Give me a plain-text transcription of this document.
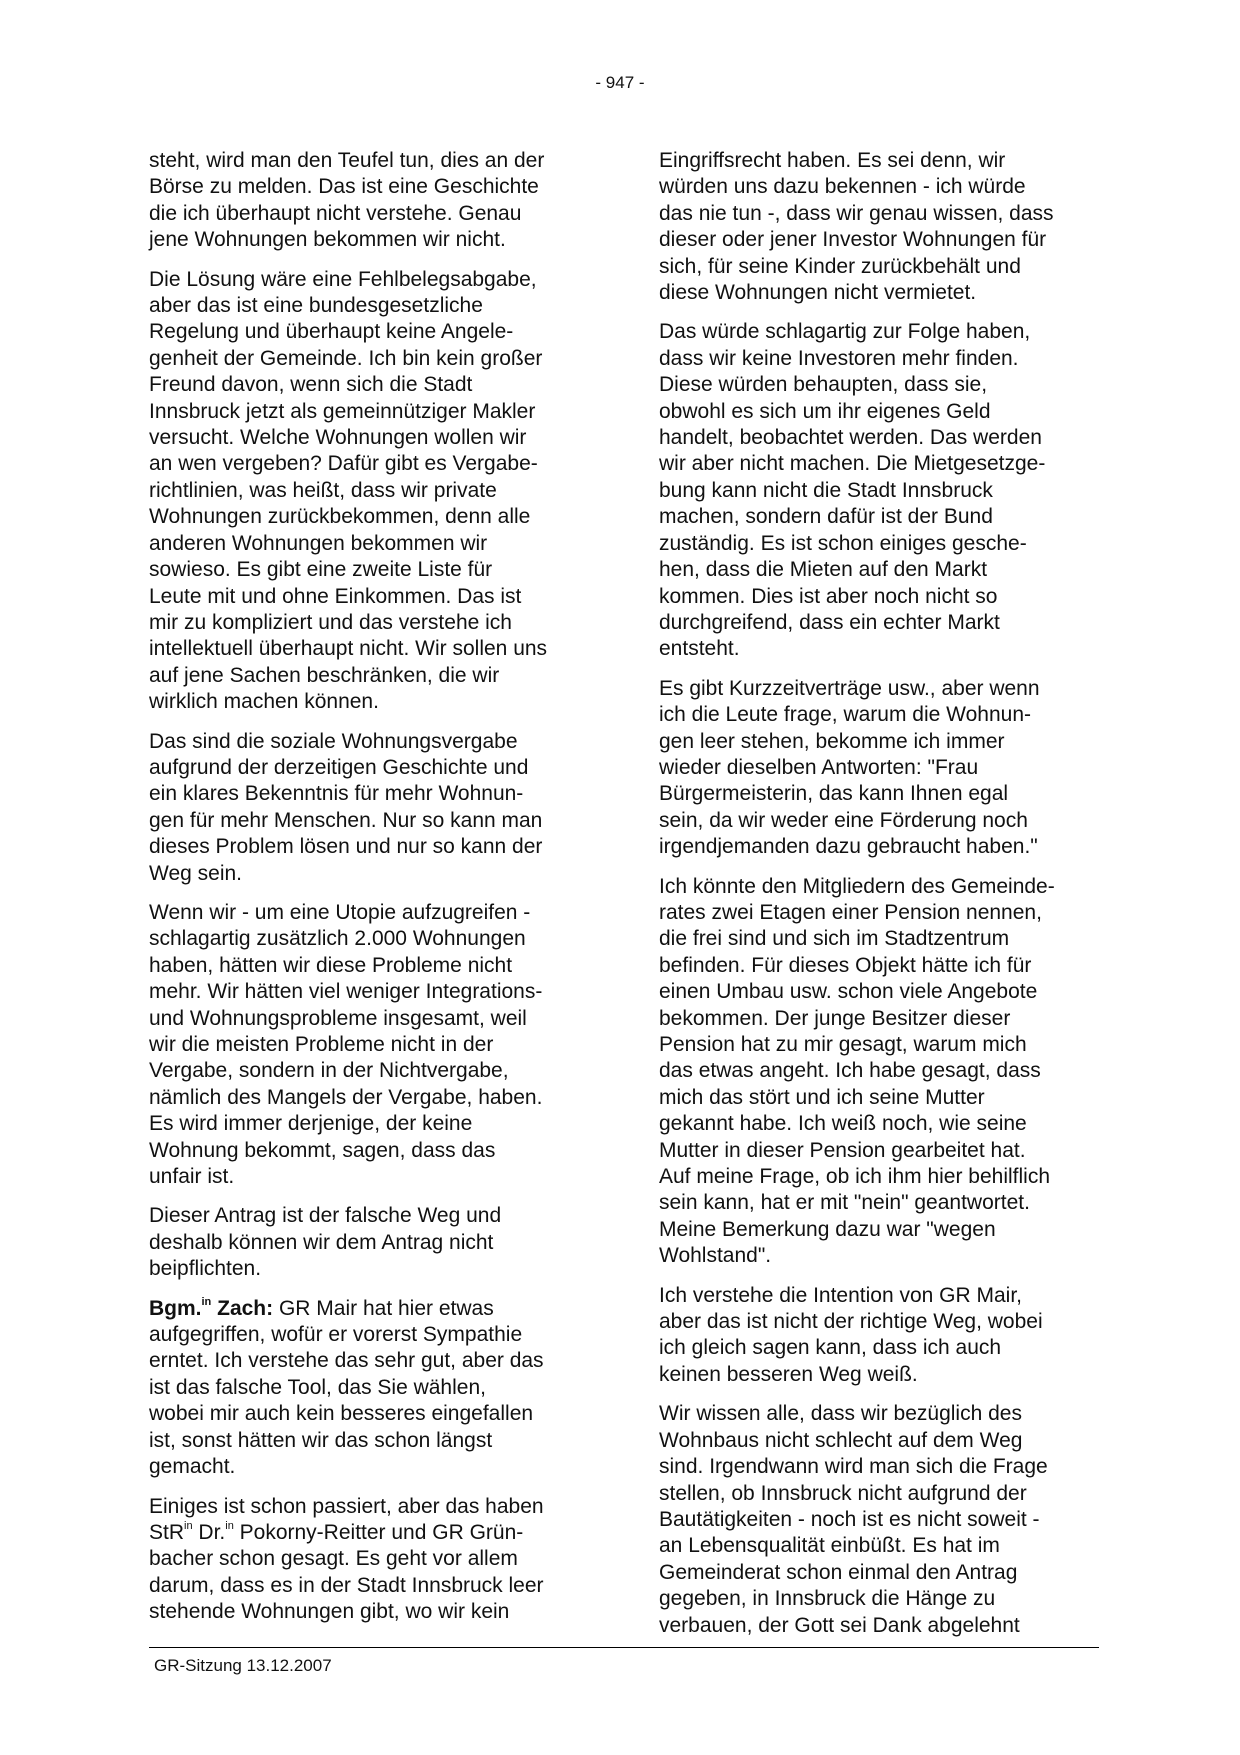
- 947 -

steht, wird man den Teufel tun, dies an der
Börse zu melden. Das ist eine Geschichte
die ich überhaupt nicht verstehe. Genau
jene Wohnungen bekommen wir nicht.

Die Lösung wäre eine Fehlbelegsabgabe,
aber das ist eine bundesgesetzliche
Regelung und überhaupt keine Angele-
genheit der Gemeinde. Ich bin kein großer
Freund davon, wenn sich die Stadt
Innsbruck jetzt als gemeinnütziger Makler
versucht. Welche Wohnungen wollen wir
an wen vergeben? Dafür gibt es Vergabe-
richtlinien, was heißt, dass wir private
Wohnungen zurückbekommen, denn alle
anderen Wohnungen bekommen wir
sowieso. Es gibt eine zweite Liste für
Leute mit und ohne Einkommen. Das ist
mir zu kompliziert und das verstehe ich
intellektuell überhaupt nicht. Wir sollen uns
auf jene Sachen beschränken, die wir
wirklich machen können.

Das sind die soziale Wohnungsvergabe
aufgrund der derzeitigen Geschichte und
ein klares Bekenntnis für mehr Wohnun-
gen für mehr Menschen. Nur so kann man
dieses Problem lösen und nur so kann der
Weg sein.

Wenn wir - um eine Utopie aufzugreifen -
schlagartig zusätzlich 2.000 Wohnungen
haben, hätten wir diese Probleme nicht
mehr. Wir hätten viel weniger Integrations-
und Wohnungsprobleme insgesamt, weil
wir die meisten Probleme nicht in der
Vergabe, sondern in der Nichtvergabe,
nämlich des Mangels der Vergabe, haben.
Es wird immer derjenige, der keine
Wohnung bekommt, sagen, dass das
unfair ist.

Dieser Antrag ist der falsche Weg und
deshalb können wir dem Antrag nicht
beipflichten.

Bgm.$^{in}$ Zach: GR Mair hat hier etwas
aufgegriffen, wofür er vorerst Sympathie
erntet. Ich verstehe das sehr gut, aber das
ist das falsche Tool, das Sie wählen,
wobei mir auch kein besseres eingefallen
ist, sonst hätten wir das schon längst
gemacht.

Einiges ist schon passiert, aber das haben
StR$^{in}$ Dr.$^{in}$ Pokorny-Reitter und GR Grün-
bacher schon gesagt. Es geht vor allem
darum, dass es in der Stadt Innsbruck leer
stehende Wohnungen gibt, wo wir kein

Eingriffsrecht haben. Es sei denn, wir
würden uns dazu bekennen - ich würde
das nie tun -, dass wir genau wissen, dass
dieser oder jener Investor Wohnungen für
sich, für seine Kinder zurückbehält und
diese Wohnungen nicht vermietet.

Das würde schlagartig zur Folge haben,
dass wir keine Investoren mehr finden.
Diese würden behaupten, dass sie,
obwohl es sich um ihr eigenes Geld
handelt, beobachtet werden. Das werden
wir aber nicht machen. Die Mietgesetzge-
bung kann nicht die Stadt Innsbruck
machen, sondern dafür ist der Bund
zuständig. Es ist schon einiges gesche-
hen, dass die Mieten auf den Markt
kommen. Dies ist aber noch nicht so
durchgreifend, dass ein echter Markt
entsteht.

Es gibt Kurzzeitverträge usw., aber wenn
ich die Leute frage, warum die Wohnun-
gen leer stehen, bekomme ich immer
wieder dieselben Antworten: "Frau
Bürgermeisterin, das kann Ihnen egal
sein, da wir weder eine Förderung noch
irgendjemanden dazu gebraucht haben."

Ich könnte den Mitgliedern des Gemeinde-
rates zwei Etagen einer Pension nennen,
die frei sind und sich im Stadtzentrum
befinden. Für dieses Objekt hätte ich für
einen Umbau usw. schon viele Angebote
bekommen. Der junge Besitzer dieser
Pension hat zu mir gesagt, warum mich
das etwas angeht. Ich habe gesagt, dass
mich das stört und ich seine Mutter
gekannt habe. Ich weiß noch, wie seine
Mutter in dieser Pension gearbeitet hat.
Auf meine Frage, ob ich ihm hier behilflich
sein kann, hat er mit "nein" geantwortet.
Meine Bemerkung dazu war "wegen
Wohlstand".

Ich verstehe die Intention von GR Mair,
aber das ist nicht der richtige Weg, wobei
ich gleich sagen kann, dass ich auch
keinen besseren Weg weiß.

Wir wissen alle, dass wir bezüglich des
Wohnbaus nicht schlecht auf dem Weg
sind. Irgendwann wird man sich die Frage
stellen, ob Innsbruck nicht aufgrund der
Bautätigkeiten - noch ist es nicht soweit -
an Lebensqualität einbüßt. Es hat im
Gemeinderat schon einmal den Antrag
gegeben, in Innsbruck die Hänge zu
verbauen, der Gott sei Dank abgelehnt

GR-Sitzung 13.12.2007
